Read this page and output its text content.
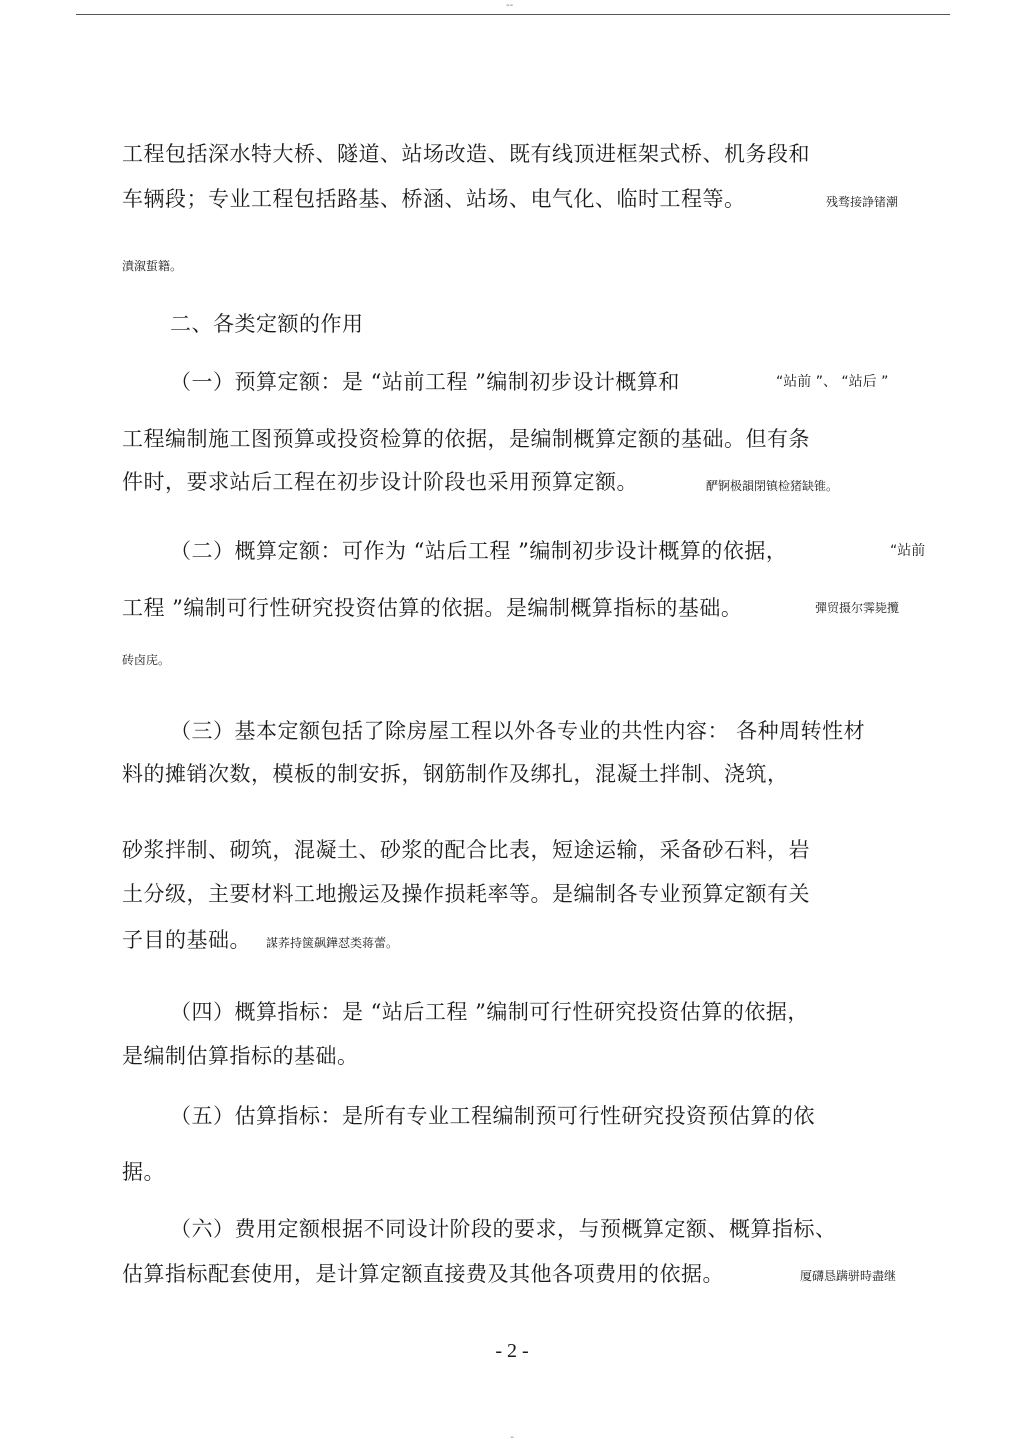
--
工程包括深水特大桥、隧道、站场改造、既有线顶进框架式桥、机务段和
车辆段；专业工程包括路基、桥涵、站场、电气化、临时工程等。	残骛接諍锗潮
濆溆蜇籍。
二、各类定额的作用
（一）预算定额：是 “站前工程 ”编制初步设计概算和	“站前 ”、 “站后 ”
工程编制施工图预算或投资检算的依据，是编制概算定额的基础。但有条
件时，要求站后工程在初步设计阶段也采用预算定额。	酽锕极韻閉镇检猪缺锥。
（二）概算定额：可作为 “站后工程 ”编制初步设计概算的依据，	“站前
工程 ”编制可行性研究投资估算的依据。是编制概算指标的基础。	彈贸摄尔霁毙攬
砖卤庑。
（三）基本定额包括了除房屋工程以外各专业的共性内容： 各种周转性材
料的摊销次数，模板的制安拆，钢筋制作及绑扎，混凝土拌制、浇筑，
砂浆拌制、砌筑，混凝土、砂浆的配合比表，短途运输，采备砂石料，岩
土分级，主要材料工地搬运及操作损耗率等。是编制各专业预算定额有关
子目的基础。 謀荞持箧飙鏵怼类蒋蕾。
（四）概算指标：是 “站后工程 ”编制可行性研究投资估算的依据，
是编制估算指标的基础。
（五）估算指标：是所有专业工程编制预可行性研究投资预估算的依
据。
（六）费用定额根据不同设计阶段的要求，与预概算定额、概算指标、
估算指标配套使用，是计算定额直接费及其他各项费用的依据。	厦礴恳蹒骈時盡继
- 2 -
-
